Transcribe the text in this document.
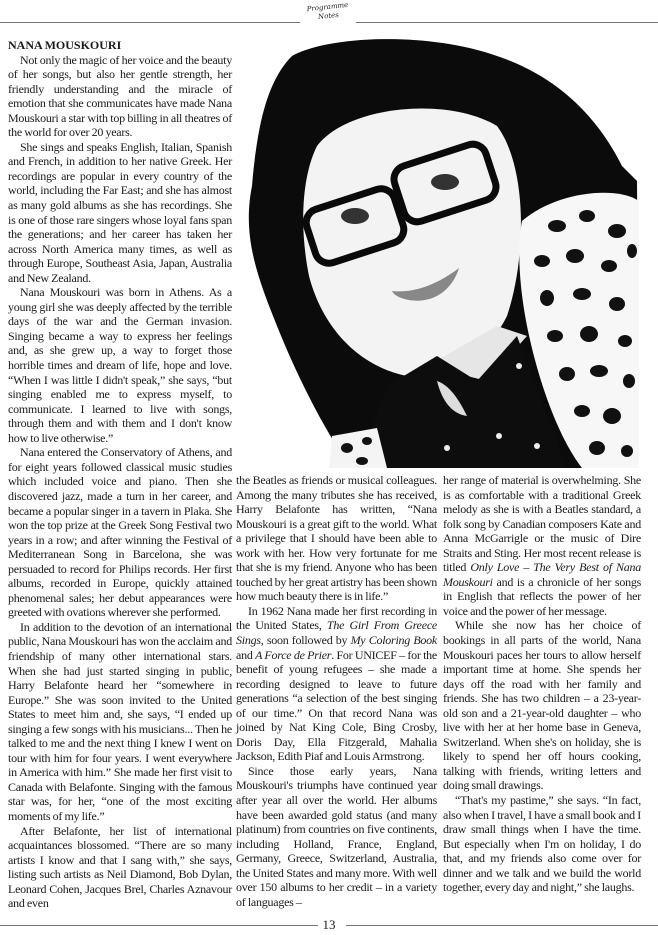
Programme
Notes
NANA MOUSKOURI

Not only the magic of her voice and the beauty of her songs, but also her gentle strength, her friendly understanding and the miracle of emotion that she communicates have made Nana Mouskouri a star with top billing in all theatres of the world for over 20 years.

She sings and speaks English, Italian, Spanish and French, in addition to her native Greek. Her recordings are popular in every country of the world, including the Far East; and she has almost as many gold albums as she has recordings. She is one of those rare singers whose loyal fans span the generations; and her career has taken her across North America many times, as well as through Europe, Southeast Asia, Japan, Australia and New Zealand.

Nana Mouskouri was born in Athens. As a young girl she was deeply affected by the terrible days of the war and the German invasion. Singing became a way to express her feelings and, as she grew up, a way to forget those horrible times and dream of life, hope and love. “When I was little I didn't speak,” she says, “but singing enabled me to express myself, to communicate. I learned to live with songs, through them and with them and I don't know how to live otherwise.”

Nana entered the Conservatory of Athens, and for eight years followed classical music studies which included voice and piano. Then she discovered jazz, made a turn in her career, and became a popular singer in a tavern in Plaka. She won the top prize at the Greek Song Festival two years in a row; and after winning the Festival of Mediterranean Song in Barcelona, she was persuaded to record for Philips records. Her first albums, recorded in Europe, quickly attained phenomenal sales; her debut appearances were greeted with ovations wherever she performed.

In addition to the devotion of an international public, Nana Mouskouri has won the acclaim and friendship of many other international stars. When she had just started singing in public, Harry Belafonte heard her “somewhere in Europe.” She was soon invited to the United States to meet him and, she says, “I ended up singing a few songs with his musicians... Then he talked to me and the next thing I knew I went on tour with him for four years. I went everywhere in America with him.” She made her first visit to Canada with Belafonte. Singing with the famous star was, for her, “one of the most exciting moments of my life.”

After Belafonte, her list of international acquaintances blossomed. “There are so many artists I know and that I sang with,” she says, listing such artists as Neil Diamond, Bob Dylan, Leonard Cohen, Jacques Brel, Charles Aznavour and even

the Beatles as friends or musical colleagues. Among the many tributes she has received, Harry Belafonte has written, “Nana Mouskouri is a great gift to the world. What a privilege that I should have been able to work with her. How very fortunate for me that she is my friend. Anyone who has been touched by her great artistry has been shown how much beauty there is in life.”

In 1962 Nana made her first recording in the United States, The Girl From Greece Sings, soon followed by My Coloring Book and A Force de Prier. For UNICEF – for the benefit of young refugees – she made a recording designed to leave to future generations “a selection of the best singing of our time.” On that record Nana was joined by Nat King Cole, Bing Crosby, Doris Day, Ella Fitzgerald, Mahalia Jackson, Edith Piaf and Louis Armstrong.

Since those early years, Nana Mouskouri's triumphs have continued year after year all over the world. Her albums have been awarded gold status (and many platinum) from countries on five continents, including Holland, France, England, Germany, Greece, Switzerland, Australia, the United States and many more. With well over 150 albums to her credit – in a variety of languages –

her range of material is overwhelming. She is as comfortable with a traditional Greek melody as she is with a Beatles standard, a folk song by Canadian composers Kate and Anna McGarrigle or the music of Dire Straits and Sting. Her most recent release is titled Only Love – The Very Best of Nana Mouskouri and is a chronicle of her songs in English that reflects the power of her voice and the power of her message.

While she now has her choice of bookings in all parts of the world, Nana Mouskouri paces her tours to allow herself important time at home. She spends her days off the road with her family and friends. She has two children – a 23-year-old son and a 21-year-old daughter – who live with her at her home base in Geneva, Switzerland. When she's on holiday, she is likely to spend her off hours cooking, talking with friends, writing letters and doing small drawings.

“That's my pastime,” she says. “In fact, also when I travel, I have a small book and I draw small things when I have the time. But especially when I'm on holiday, I do that, and my friends also come over for dinner and we talk and we build the world together, every day and night,” she laughs.

13
